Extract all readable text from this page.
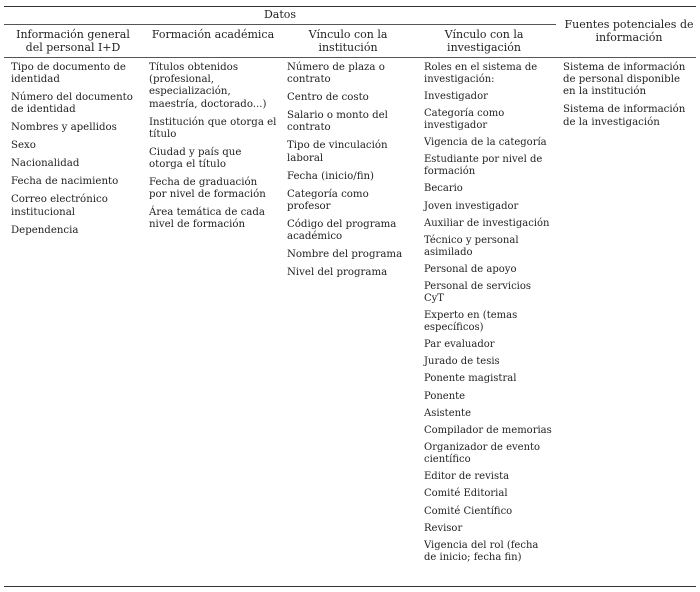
Datos
Información general del personal I+D
Formación académica	Vínculo con la institución
Vínculo con la investigación
Fuentes potenciales de información
Tipo de documento de identidad
Número del documento de identidad
Nombres y apellidos
Sexo
Nacionalidad
Fecha de nacimiento
Correo electrónico institucional
Dependencia
Títulos obtenidos (profesional, especialización, maestría, doctorado...)
Institución que otorga el título
Ciudad y país que otorga el título
Fecha de graduación por nivel de formación
Área temática de cada nivel de formación
Número de plaza o contrato
Centro de costo
Salario o monto del contrato
Tipo de vinculación laboral
Fecha (inicio/fin)
Categoría como profesor
Código del programa académico
Nombre del programa
Nivel del programa
Roles en el sistema de investigación:
Investigador
Categoría como investigador
Vigencia de la categoría
Estudiante por nivel de formación
Becario
Joven investigador
Auxiliar de investigación
Técnico y personal asimilado
Personal de apoyo
Personal de servicios CyT
Experto en (temas específicos)
Par evaluador
Jurado de tesis
Ponente magistral
Ponente
Asistente
Compilador de memorias
Organizador de evento científico
Editor de revista
Comité Editorial
Comité Científico
Revisor
Vigencia del rol (fecha de inicio; fecha fin)
Sistema de información de personal disponible en la institución
Sistema de información de la investigación
